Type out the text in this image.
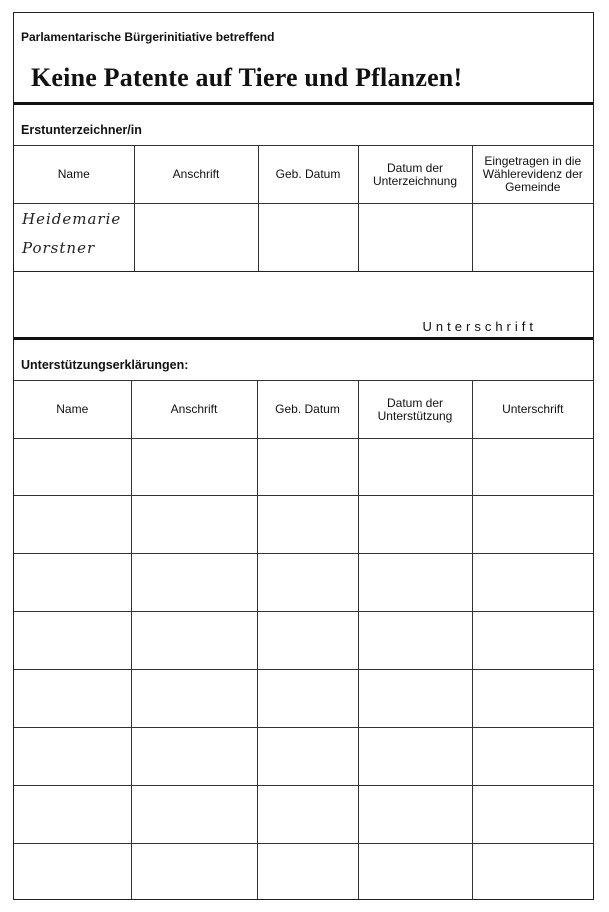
Parlamentarische Bürgerinitiative betreffend
Keine Patente auf Tiere und Pflanzen!
Erstunterzeichner/in
Name	Anschrift	Geb. Datum	Datum der Unterzeichnung	Eingetragen in die Wählerevidenz der Gemeinde

Heidemarie
Porstner				

Unterschrift
Unterstützungserklärungen:
Name	Anschrift	Geb. Datum	Datum der Unterstützung	Unterschrift
